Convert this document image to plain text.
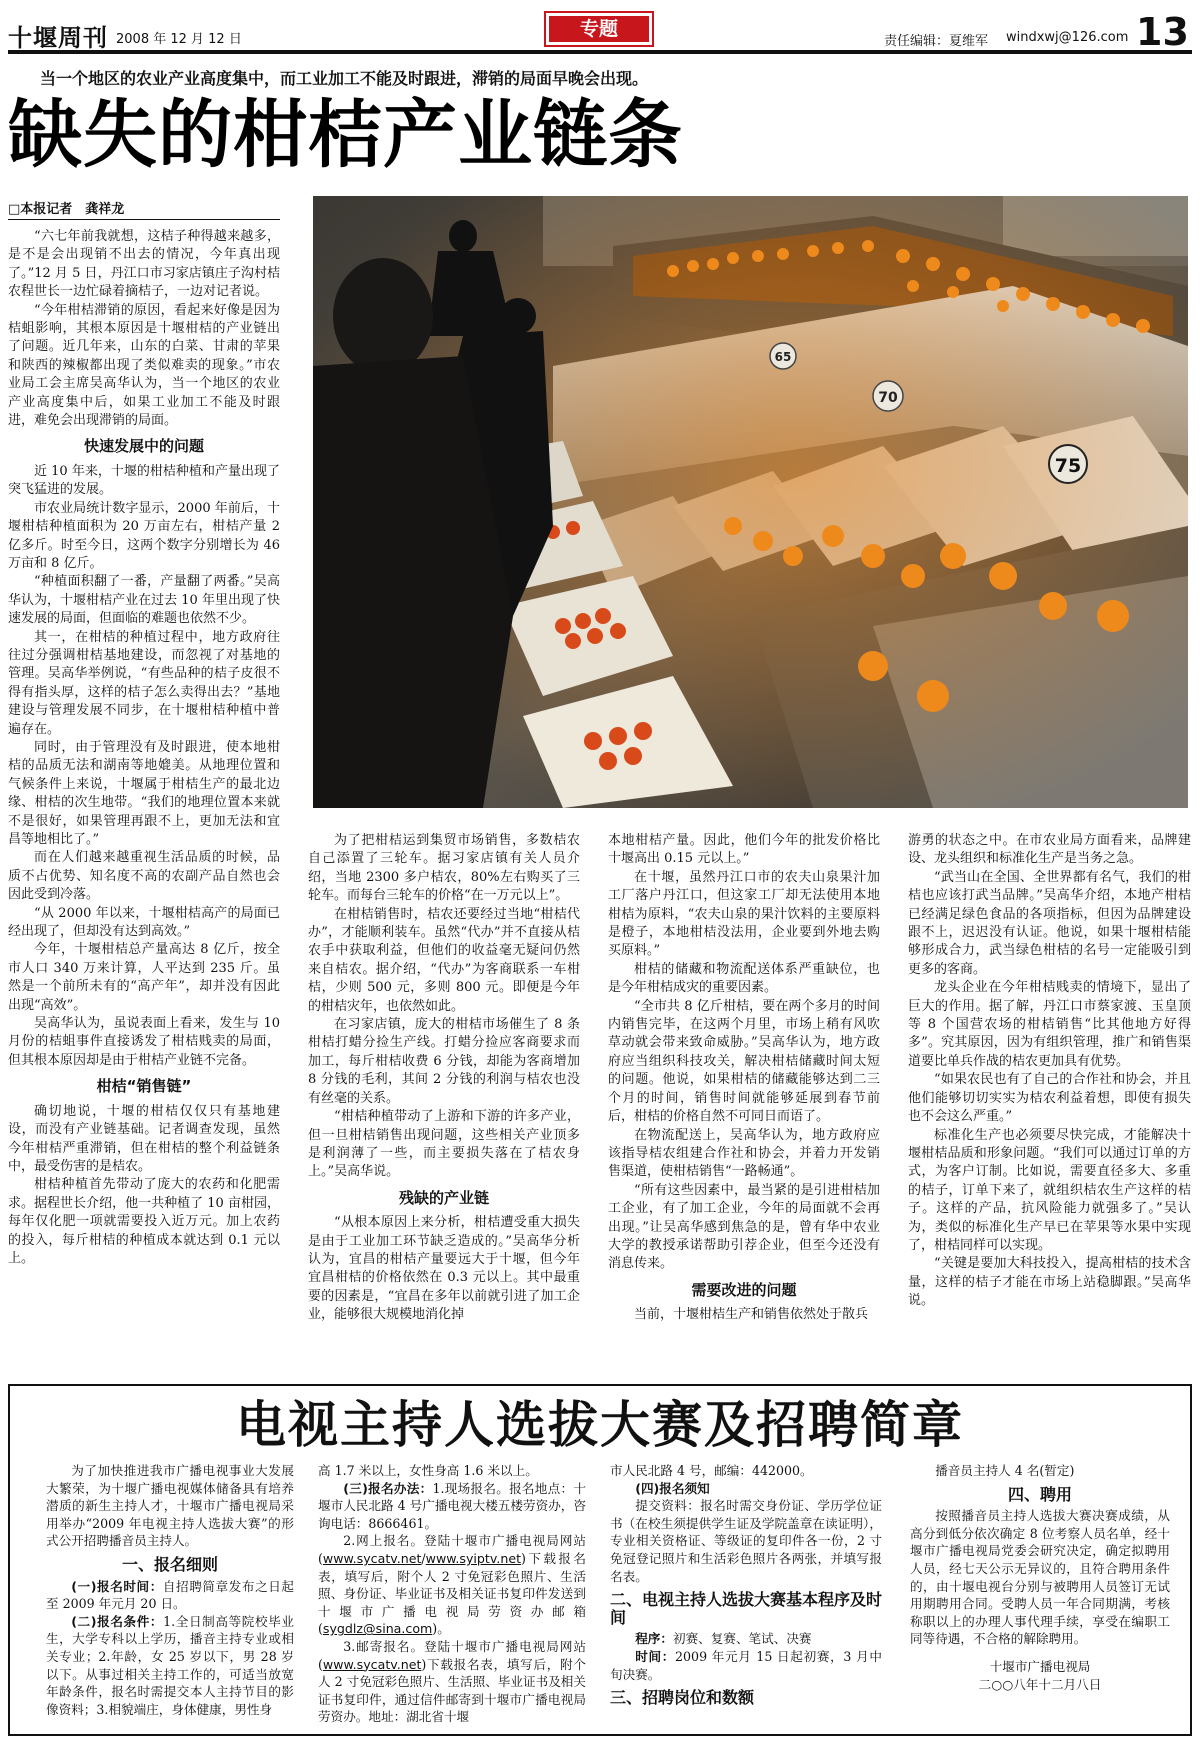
十堰周刊 2008 年 12 月 12 日	专题
责任编辑：夏维军 windxwj@126.com 13
当一个地区的农业产业高度集中，而工业加工不能及时跟进，滞销的局面早晚会出现。
缺失的柑桔产业链条
□本报记者　龚祥龙

“六七年前我就想，这桔子种得越来越多，是不是会出现销不出去的情况，今年真出现了。”12 月 5 日，丹江口市习家店镇庄子沟村桔农程世长一边忙碌着摘桔子，一边对记者说。

“今年柑桔滞销的原因，看起来好像是因为桔蛆影响，其根本原因是十堰柑桔的产业链出了问题。近几年来，山东的白菜、甘肃的苹果和陕西的辣椒都出现了类似难卖的现象。”市农业局工会主席吴高华认为，当一个地区的农业产业高度集中后，如果工业加工不能及时跟进，难免会出现滞销的局面。

快速发展中的问题

近 10 年来，十堰的柑桔种植和产量出现了突飞猛进的发展。

市农业局统计数字显示，2000 年前后，十堰柑桔种植面积为 20 万亩左右，柑桔产量 2 亿多斤。时至今日，这两个数字分别增长为 46 万亩和 8 亿斤。

“种植面积翻了一番，产量翻了两番。”吴高华认为，十堰柑桔产业在过去 10 年里出现了快速发展的局面，但面临的难题也依然不少。

其一，在柑桔的种植过程中，地方政府往往过分强调柑桔基地建设，而忽视了对基地的管理。吴高华举例说，“有些品种的桔子皮很不得有指头厚，这样的桔子怎么卖得出去？”基地建设与管理发展不同步，在十堰柑桔种植中普遍存在。

同时，由于管理没有及时跟进，使本地柑桔的品质无法和湖南等地媲美。从地理位置和气候条件上来说，十堰属于柑桔生产的最北边缘、柑桔的次生地带。“我们的地理位置本来就不是很好，如果管理再跟不上，更加无法和宜昌等地相比了。”

而在人们越来越重视生活品质的时候，品质不占优势、知名度不高的农副产品自然也会因此受到冷落。

“从 2000 年以来，十堰柑桔高产的局面已经出现了，但却没有达到高效。”

今年，十堰柑桔总产量高达 8 亿斤，按全市人口 340 万来计算，人平达到 235 斤。虽然是一个前所未有的“高产年”，却并没有因此出现“高效”。

吴高华认为，虽说表面上看来，发生与 10 月份的桔蛆事件直接诱发了柑桔贱卖的局面，但其根本原因却是由于柑桔产业链不完备。

柑桔“销售链”

确切地说，十堰的柑桔仅仅只有基地建设，而没有产业链基础。记者调查发现，虽然今年柑桔严重滞销，但在柑桔的整个利益链条中，最受伤害的是桔农。

柑桔种植首先带动了庞大的农药和化肥需求。据程世长介绍，他一共种植了 10 亩柑园，每年仅化肥一项就需要投入近万元。加上农药的投入，每斤柑桔的种植成本就达到 0.1 元以上。

65
70
75

为了把柑桔运到集贸市场销售，多数桔农自己添置了三轮车。据习家店镇有关人员介绍，当地 2300 多户桔农，80%左右购买了三轮车。而每台三轮车的价格“在一万元以上”。

在柑桔销售时，桔农还要经过当地“柑桔代办”，才能顺利装车。虽然“代办”并不直接从桔农手中获取利益，但他们的收益毫无疑问仍然来自桔农。据介绍，“代办”为客商联系一车柑桔，少则 500 元，多则 800 元。即便是今年的柑桔灾年，也依然如此。

在习家店镇，庞大的柑桔市场催生了 8 条柑桔打蜡分捡生产线。打蜡分捡应客商要求而加工，每斤柑桔收费 6 分钱，却能为客商增加 8 分钱的毛利，其间 2 分钱的利润与桔农也没有丝毫的关系。

“柑桔种植带动了上游和下游的许多产业，但一旦柑桔销售出现问题，这些相关产业顶多是利润薄了一些，而主要损失落在了桔农身上。”吴高华说。

残缺的产业链

“从根本原因上来分析，柑桔遭受重大损失是由于工业加工环节缺乏造成的。”吴高华分析认为，宜昌的柑桔产量要远大于十堰，但今年宜昌柑桔的价格依然在 0.3 元以上。其中最重要的因素是，“宜昌在多年以前就引进了加工企业，能够很大规模地消化掉

本地柑桔产量。因此，他们今年的批发价格比十堰高出 0.15 元以上。”

在十堰，虽然丹江口市的农夫山泉果汁加工厂落户丹江口，但这家工厂却无法使用本地柑桔为原料，“农夫山泉的果汁饮料的主要原料是橙子，本地柑桔没法用，企业要到外地去购买原料。”

柑桔的储藏和物流配送体系严重缺位，也是今年柑桔成灾的重要因素。

“全市共 8 亿斤柑桔，要在两个多月的时间内销售完毕，在这两个月里，市场上稍有风吹草动就会带来致命威胁。”吴高华认为，地方政府应当组织科技攻关，解决柑桔储藏时间太短的问题。他说，如果柑桔的储藏能够达到二三个月的时间，销售时间就能够延展到春节前后，柑桔的价格自然不可同日而语了。

在物流配送上，吴高华认为，地方政府应该指导桔农组建合作社和协会，并着力开发销售渠道，使柑桔销售“一路畅通”。

“所有这些因素中，最当紧的是引进柑桔加工企业，有了加工企业，今年的局面就不会再出现。”让吴高华感到焦急的是，曾有华中农业大学的教授承诺帮助引荐企业，但至今还没有消息传来。

需要改进的问题

当前，十堰柑桔生产和销售依然处于散兵

游勇的状态之中。在市农业局方面看来，品牌建设、龙头组织和标准化生产是当务之急。

“武当山在全国、全世界都有名气，我们的柑桔也应该打武当品牌。”吴高华介绍，本地产柑桔已经满足绿色食品的各项指标，但因为品牌建设跟不上，迟迟没有认证。他说，如果十堰柑桔能够形成合力，武当绿色柑桔的名号一定能吸引到更多的客商。

龙头企业在今年柑桔贱卖的情境下，显出了巨大的作用。据了解，丹江口市蔡家渡、玉皇顶等 8 个国营农场的柑桔销售“比其他地方好得多”。究其原因，因为有组织管理，推广和销售渠道要比单兵作战的桔农更加具有优势。

“如果农民也有了自己的合作社和协会，并且他们能够切切实实为桔农利益着想，即使有损失也不会这么严重。”

标准化生产也必须要尽快完成，才能解决十堰柑桔品质和形象问题。“我们可以通过订单的方式，为客户订制。比如说，需要直径多大、多重的桔子，订单下来了，就组织桔农生产这样的桔子。这样的产品，抗风险能力就强多了。”吴认为，类似的标准化生产早已在苹果等水果中实现了，柑桔同样可以实现。

“关键是要加大科技投入，提高柑桔的技术含量，这样的桔子才能在市场上站稳脚跟。”吴高华说。

电视主持人选拔大赛及招聘简章

为了加快推进我市广播电视事业大发展大繁荣，为十堰广播电视媒体储备具有培养潜质的新生主持人才，十堰市广播电视局采用举办“2009 年电视主持人选拔大赛”的形式公开招聘播音员主持人。

一、报名细则

(一)报名时间：自招聘简章发布之日起至 2009 年元月 20 日。

(二)报名条件：1.全日制高等院校毕业生，大学专科以上学历，播音主持专业或相关专业；2.年龄，女 25 岁以下，男 28 岁以下。从事过相关主持工作的，可适当放宽年龄条件，报名时需提交本人主持节目的影像资料；3.相貌端庄，身体健康，男性身

高 1.7 米以上，女性身高 1.6 米以上。

(三)报名办法：1.现场报名。报名地点：十堰市人民北路 4 号广播电视大楼五楼劳资办，咨询电话：8666461。

2.网上报名。登陆十堰市广播电视局网站(www.sycatv.net/www.syiptv.net)下载报名表，填写后，附个人 2 寸免冠彩色照片、生活照、身份证、毕业证书及相关证书复印件发送到十堰市广播电视局劳资办邮箱(sygdlz@sina.com)。

3.邮寄报名。登陆十堰市广播电视局网站(www.sycatv.net)下载报名表，填写后，附个人 2 寸免冠彩色照片、生活照、毕业证书及相关证书复印件，通过信件邮寄到十堰市广播电视局劳资办。地址：湖北省十堰

市人民北路 4 号，邮编：442000。

(四)报名须知

提交资料：报名时需交身份证、学历学位证书（在校生须提供学生证及学院盖章在读证明），专业相关资格证、等级证的复印件各一份，2 寸免冠登记照片和生活彩色照片各两张，并填写报名表。

二、电视主持人选拔大赛基本程序及时间

程序：初赛、复赛、笔试、决赛

时间：2009 年元月 15 日起初赛，3 月中旬决赛。

三、招聘岗位和数额

播音员主持人 4 名(暂定)

四、聘用

按照播音员主持人选拔大赛决赛成绩，从高分到低分依次确定 8 位考察人员名单，经十堰市广播电视局党委会研究决定，确定拟聘用人员，经七天公示无异议的，且符合聘用条件的，由十堰电视台分别与被聘用人员签订无试用期聘用合同。受聘人员一年合同期满，考核称职以上的办理人事代理手续，享受在编职工同等待遇，不合格的解除聘用。

十堰市广播电视局

二○○八年十二月八日
